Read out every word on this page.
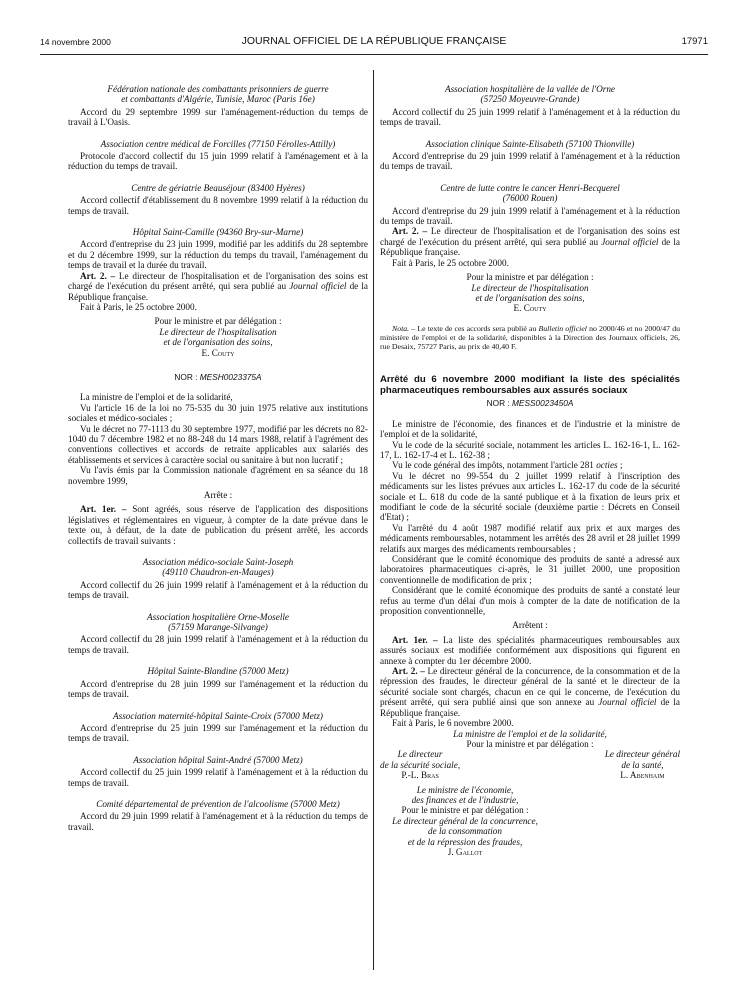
14 novembre 2000	JOURNAL OFFICIEL DE LA RÉPUBLIQUE FRANÇAISE	17971

Fédération nationale des combattants prisonniers de guerre
et combattants d'Algérie, Tunisie, Maroc (Paris 16e)

Accord du 29 septembre 1999 sur l'aménagement-réduction du temps de travail à L'Oasis.

Association centre médical de Forcilles (77150 Férolles-Attilly)

Protocole d'accord collectif du 15 juin 1999 relatif à l'aménagement et à la réduction du temps de travail.

Centre de gériatrie Beauséjour (83400 Hyères)

Accord collectif d'établissement du 8 novembre 1999 relatif à la réduction du temps de travail.

Hôpital Saint-Camille (94360 Bry-sur-Marne)

Accord d'entreprise du 23 juin 1999, modifié par les additifs du 28 septembre et du 2 décembre 1999, sur la réduction du temps du travail, l'aménagement du temps de travail et la durée du travail.

Art. 2. – Le directeur de l'hospitalisation et de l'organisation des soins est chargé de l'exécution du présent arrêté, qui sera publié au Journal officiel de la République française.

Fait à Paris, le 25 octobre 2000.

Pour le ministre et par délégation :
Le directeur de l'hospitalisation
et de l'organisation des soins,
E. Couty

NOR : MESH0023375A

La ministre de l'emploi et de la solidarité,

Vu l'article 16 de la loi no 75-535 du 30 juin 1975 relative aux institutions sociales et médico-sociales ;

Vu le décret no 77-1113 du 30 septembre 1977, modifié par les décrets no 82-1040 du 7 décembre 1982 et no 88-248 du 14 mars 1988, relatif à l'agrément des conventions collectives et accords de retraite applicables aux salariés des établissements et services à caractère social ou sanitaire à but non lucratif ;

Vu l'avis émis par la Commission nationale d'agrément en sa séance du 18 novembre 1999,

Arrête :

Art. 1er. – Sont agréés, sous réserve de l'application des dispositions législatives et réglementaires en vigueur, à compter de la date prévue dans le texte ou, à défaut, de la date de publication du présent arrêté, les accords collectifs de travail suivants :

Association médico-sociale Saint-Joseph
(49110 Chaudron-en-Mauges)

Accord collectif du 26 juin 1999 relatif à l'aménagement et à la réduction du temps de travail.

Association hospitalière Orne-Moselle
(57159 Marange-Silvange)

Accord collectif du 28 juin 1999 relatif à l'aménagement et à la réduction du temps de travail.

Hôpital Sainte-Blandine (57000 Metz)

Accord d'entreprise du 28 juin 1999 sur l'aménagement et la réduction du temps de travail.

Association maternité-hôpital Sainte-Croix (57000 Metz)

Accord d'entreprise du 25 juin 1999 sur l'aménagement et la réduction du temps de travail.

Association hôpital Saint-André (57000 Metz)

Accord collectif du 25 juin 1999 relatif à l'aménagement et à la réduction du temps de travail.

Comité départemental de prévention de l'alcoolisme (57000 Metz)

Accord du 29 juin 1999 relatif à l'aménagement et à la réduction du temps de travail.

Association hospitalière de la vallée de l'Orne
(57250 Moyeuvre-Grande)

Accord collectif du 25 juin 1999 relatif à l'aménagement et à la réduction du temps de travail.

Association clinique Sainte-Elisabeth (57100 Thionville)

Accord d'entreprise du 29 juin 1999 relatif à l'aménagement et à la réduction du temps de travail.

Centre de lutte contre le cancer Henri-Becquerel
(76000 Rouen)

Accord d'entreprise du 29 juin 1999 relatif à l'aménagement et à la réduction du temps de travail.

Art. 2. – Le directeur de l'hospitalisation et de l'organisation des soins est chargé de l'exécution du présent arrêté, qui sera publié au Journal officiel de la République française.

Fait à Paris, le 25 octobre 2000.

Pour la ministre et par délégation :
Le directeur de l'hospitalisation
et de l'organisation des soins,
E. Couty

Nota. – Le texte de ces accords sera publié au Bulletin officiel no 2000/46 et no 2000/47 du ministère de l'emploi et de la solidarité, disponibles à la Direction des Journaux officiels, 26, rue Desaix, 75727 Paris, au prix de 40,40 F.

Arrêté du 6 novembre 2000 modifiant la liste des spécialités pharmaceutiques remboursables aux assurés sociaux

NOR : MESS0023450A

Le ministre de l'économie, des finances et de l'industrie et la ministre de l'emploi et de la solidarité,

Vu le code de la sécurité sociale, notamment les articles L. 162-16-1, L. 162-17, L. 162-17-4 et L. 162-38 ;

Vu le code général des impôts, notamment l'article 281 octies ;

Vu le décret no 99-554 du 2 juillet 1999 relatif à l'inscription des médicaments sur les listes prévues aux articles L. 162-17 du code de la sécurité sociale et L. 618 du code de la santé publique et à la fixation de leurs prix et modifiant le code de la sécurité sociale (deuxième partie : Décrets en Conseil d'Etat) ;

Vu l'arrêté du 4 août 1987 modifié relatif aux prix et aux marges des médicaments remboursables, notamment les arrêtés des 28 avril et 28 juillet 1999 relatifs aux marges des médicaments remboursables ;

Considérant que le comité économique des produits de santé a adressé aux laboratoires pharmaceutiques ci-après, le 31 juillet 2000, une proposition conventionnelle de modification de prix ;

Considérant que le comité économique des produits de santé a constaté leur refus au terme d'un délai d'un mois à compter de la date de notification de la proposition conventionnelle,

Arrêtent :

Art. 1er. – La liste des spécialités pharmaceutiques remboursables aux assurés sociaux est modifiée conformément aux dispositions qui figurent en annexe à compter du 1er décembre 2000.

Art. 2. – Le directeur général de la concurrence, de la consommation et de la répression des fraudes, le directeur général de la santé et le directeur de la sécurité sociale sont chargés, chacun en ce qui le concerne, de l'exécution du présent arrêté, qui sera publié ainsi que son annexe au Journal officiel de la République française.

Fait à Paris, le 6 novembre 2000.

La ministre de l'emploi et de la solidarité,

Pour la ministre et par délégation :

Le directeur
de la sécurité sociale,
P.-L. Bras
Le directeur général
de la santé,
L. Abenhaim

Le ministre de l'économie,
des finances et de l'industrie,
Pour le ministre et par délégation :
Le directeur général de la concurrence,
de la consommation
et de la répression des fraudes,
J. Gallot
